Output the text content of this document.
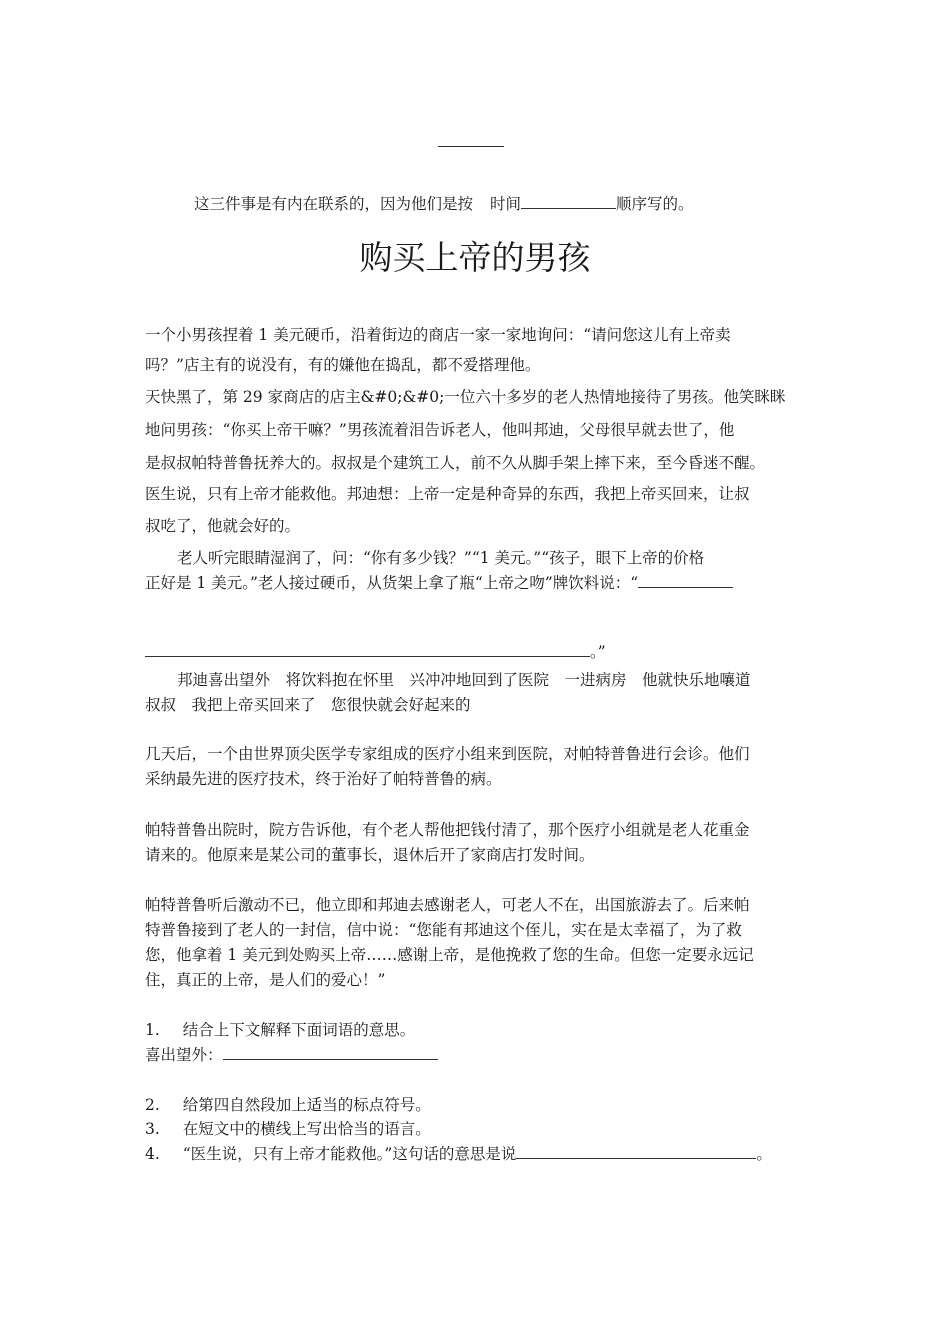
这三件事是有内在联系的，因为他们是按 时间	顺序写的。
购买上帝的男孩
一个小男孩捏着 1 美元硬币，沿着街边的商店一家一家地询问：“请问您这儿有上帝卖
吗？”店主有的说没有，有的嫌他在捣乱，都不爱搭理他。
天快黑了，第 29 家商店的店主&#0;&#0;一位六十多岁的老人热情地接待了男孩。他笑眯眯
地问男孩：“你买上帝干嘛？”男孩流着泪告诉老人，他叫邦迪，父母很早就去世了，他
是叔叔帕特普鲁抚养大的。叔叔是个建筑工人，前不久从脚手架上摔下来，至今昏迷不醒。
医生说，只有上帝才能救他。邦迪想：上帝一定是种奇异的东西，我把上帝买回来，让叔
叔吃了，他就会好的。
老人听完眼睛湿润了，问：“你有多少钱？”“1 美元。”“孩子，眼下上帝的价格
正好是 1 美元。”老人接过硬币，从货架上拿了瓶“上帝之吻”牌饮料说：“
。”
邦迪喜出望外　将饮料抱在怀里　兴冲冲地回到了医院　一进病房　他就快乐地嚷道
叔叔　我把上帝买回来了　您很快就会好起来的
几天后，一个由世界顶尖医学专家组成的医疗小组来到医院，对帕特普鲁进行会诊。他们
采纳最先进的医疗技术，终于治好了帕特普鲁的病。
帕特普鲁出院时，院方告诉他，有个老人帮他把钱付清了，那个医疗小组就是老人花重金
请来的。他原来是某公司的董事长，退休后开了家商店打发时间。
帕特普鲁听后激动不已，他立即和邦迪去感谢老人，可老人不在，出国旅游去了。后来帕
特普鲁接到了老人的一封信，信中说：“您能有邦迪这个侄儿，实在是太幸福了，为了救
您，他拿着 1 美元到处购买上帝……感谢上帝，是他挽救了您的生命。但您一定要永远记
住，真正的上帝，是人们的爱心！”
1. 结合上下文解释下面词语的意思。
喜出望外：
2. 给第四自然段加上适当的标点符号。
3. 在短文中的横线上写出恰当的语言。
4. “医生说，只有上帝才能救他。”这句话的意思是说	。
